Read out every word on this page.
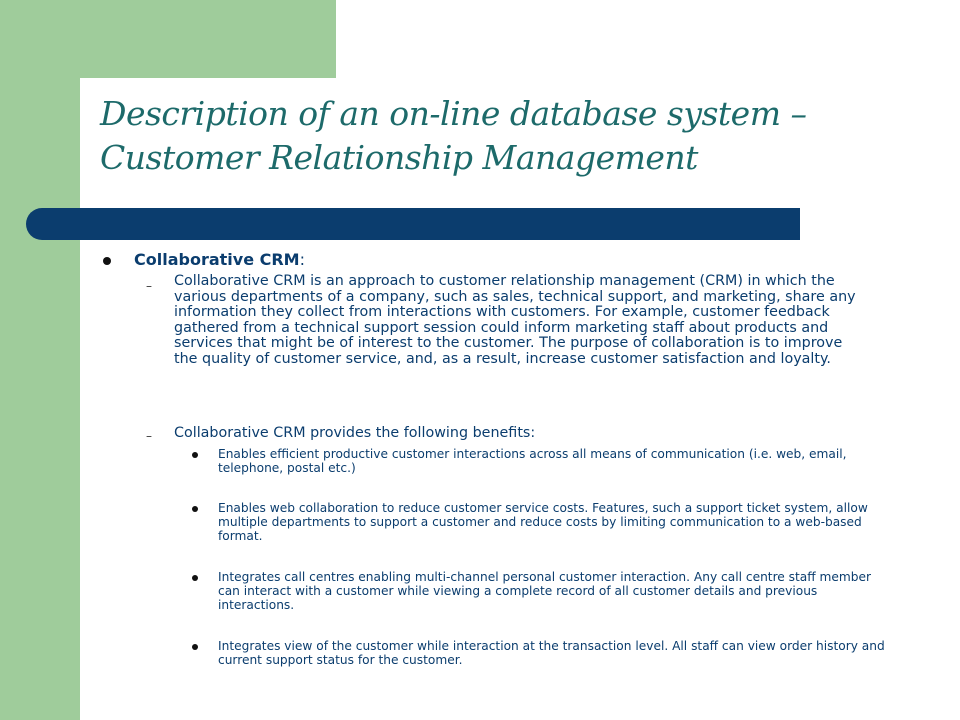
Description of an on-line database system –
Customer Relationship Management
Collaborative CRM:
– Collaborative CRM is an approach to customer relationship management (CRM) in which the various departments of a company, such as sales, technical support, and marketing, share any information they collect from interactions with customers. For example, customer feedback gathered from a technical support session could inform marketing staff about products and services that might be of interest to the customer. The purpose of collaboration is to improve the quality of customer service, and, as a result, increase customer satisfaction and loyalty.

– Collaborative CRM provides the following benefits:

Enables efficient productive customer interactions across all means of communication (i.e. web, email, telephone, postal etc.)

Enables web collaboration to reduce customer service costs. Features, such a support ticket system, allow multiple departments to support a customer and reduce costs by limiting communication to a web-based format.

Integrates call centres enabling multi-channel personal customer interaction. Any call centre staff member can interact with a customer while viewing a complete record of all customer details and previous interactions.

Integrates view of the customer while interaction at the transaction level. All staff can view order history and current support status for the customer.
